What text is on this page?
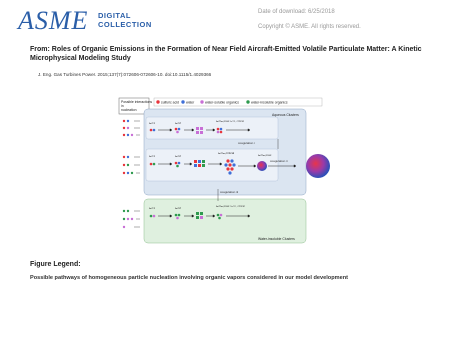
ASME DIGITAL
COLLECTION
Date of download: 6/25/2018
Copyright © ASME. All rights reserved.
From: Roles of Organic Emissions in the Formation of Near Field Aircraft-Emitted Volatile Particulate Matter: A Kinetic Microphysical Modeling Study
J. Eng. Gas Turbines Power. 2015;137(7):072606-072606-10. doi:10.1115/1.4029366
Possible interactions in nucleation
sulfuric acid water	water-soluble organics	water-insoluble organics
Aqueous Clusters
iₘ=1	iₘ=2	iₘ=iₘ,max iₘ=n, critical
coagulation i
iₘ=1	iₘ=2
iₘ=iₘ,critical	iₘ=iₘ,max
coagulation ii
coagulation iii
Water-insoluble Clusters
iₘ=1	iₘ=2	iₘ=iₘ,max nₘ=n, critical
Figure Legend:
Possible pathways of homogeneous particle nucleation involving organic vapors considered in our model development
